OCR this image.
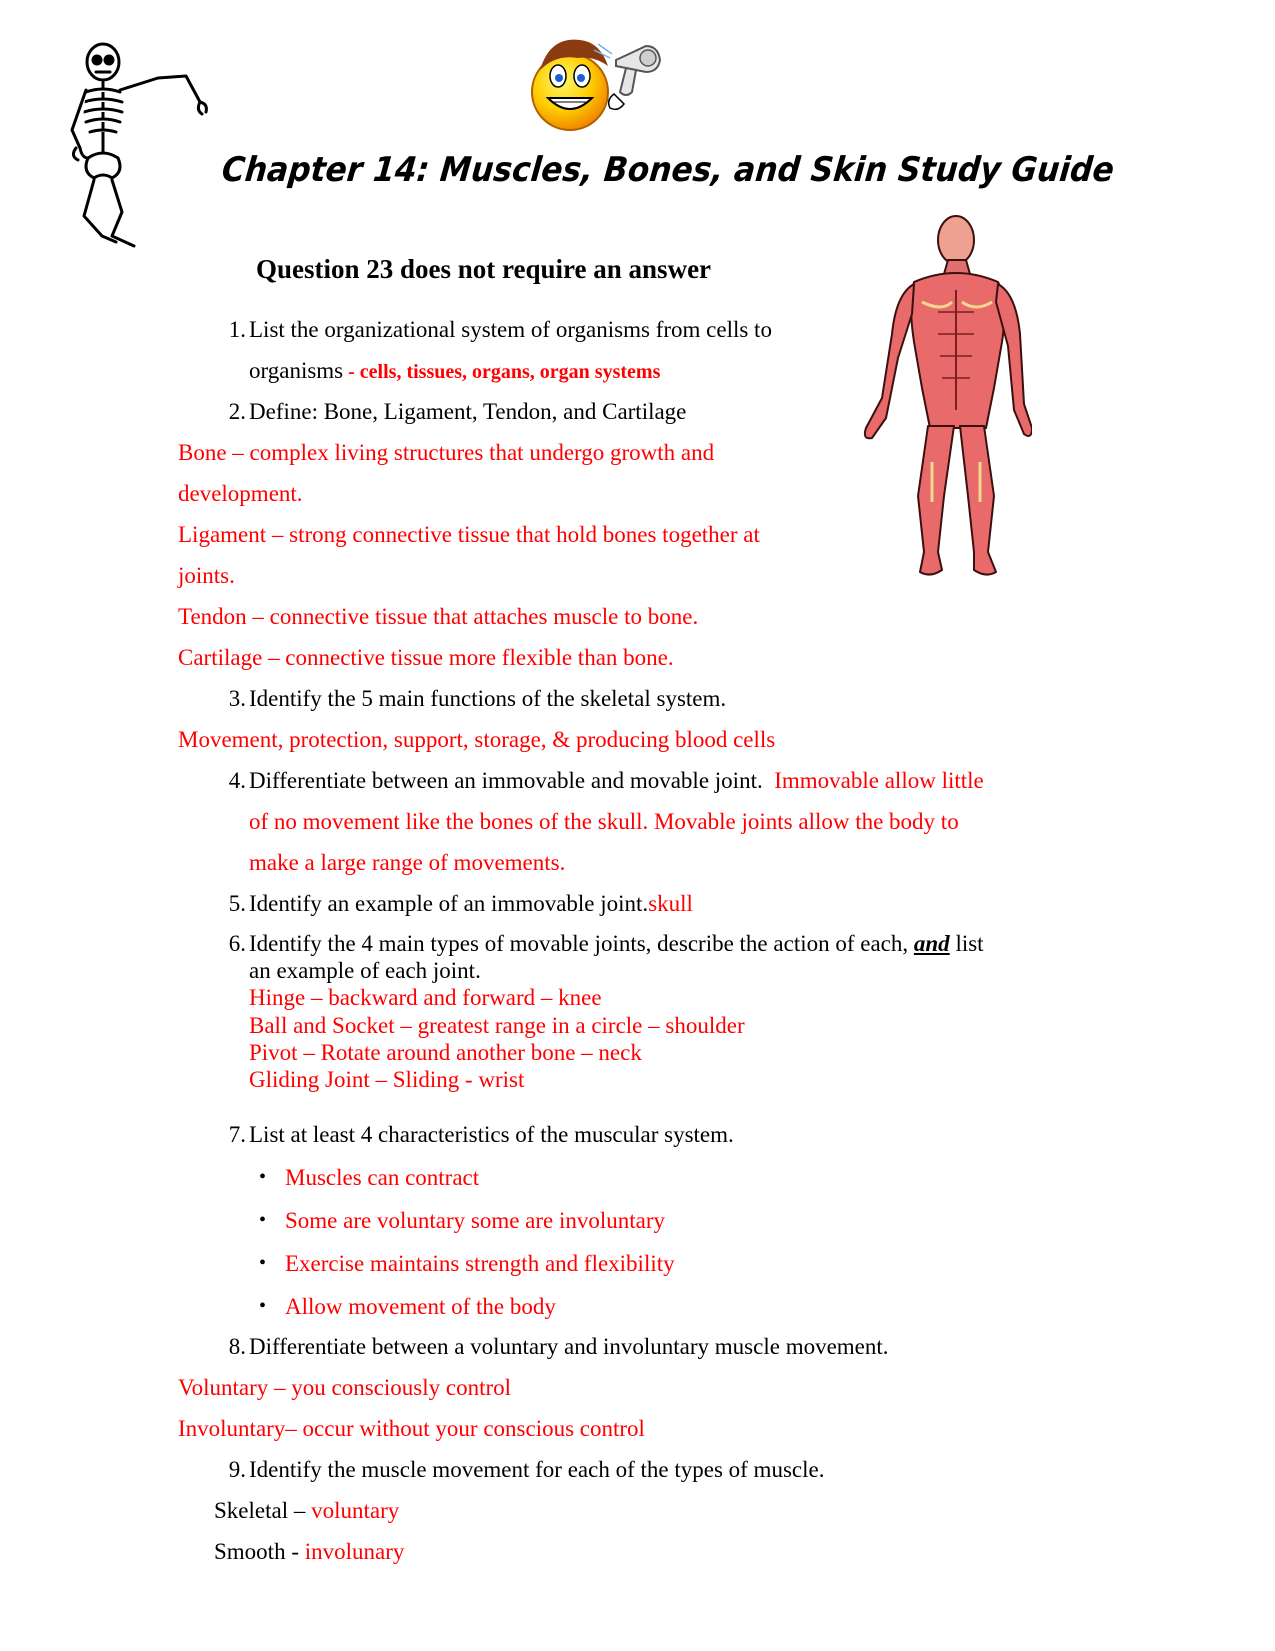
Chapter 14: Muscles, Bones, and Skin Study Guide
Question 23 does not require an answer
1. List the organizational system of organisms from cells to
organisms - cells, tissues, organs, organ systems
2. Define: Bone, Ligament, Tendon, and Cartilage
Bone – complex living structures that undergo growth and
development.
Ligament – strong connective tissue that hold bones together at
joints.
Tendon – connective tissue that attaches muscle to bone.
Cartilage – connective tissue more flexible than bone.
3. Identify the 5 main functions of the skeletal system.
Movement, protection, support, storage, & producing blood cells
4. Differentiate between an immovable and movable joint. Immovable allow little
of no movement like the bones of the skull. Movable joints allow the body to
make a large range of movements.
5. Identify an example of an immovable joint.skull
6. Identify the 4 main types of movable joints, describe the action of each, and list
an example of each joint.
Hinge – backward and forward – knee
Ball and Socket – greatest range in a circle – shoulder
Pivot – Rotate around another bone – neck
Gliding Joint – Sliding - wrist
7. List at least 4 characteristics of the muscular system.
• Muscles can contract
• Some are voluntary some are involuntary
• Exercise maintains strength and flexibility
• Allow movement of the body
8. Differentiate between a voluntary and involuntary muscle movement.
Voluntary – you consciously control
Involuntary– occur without your conscious control
9. Identify the muscle movement for each of the types of muscle.
Skeletal – voluntary
Smooth - involunary
